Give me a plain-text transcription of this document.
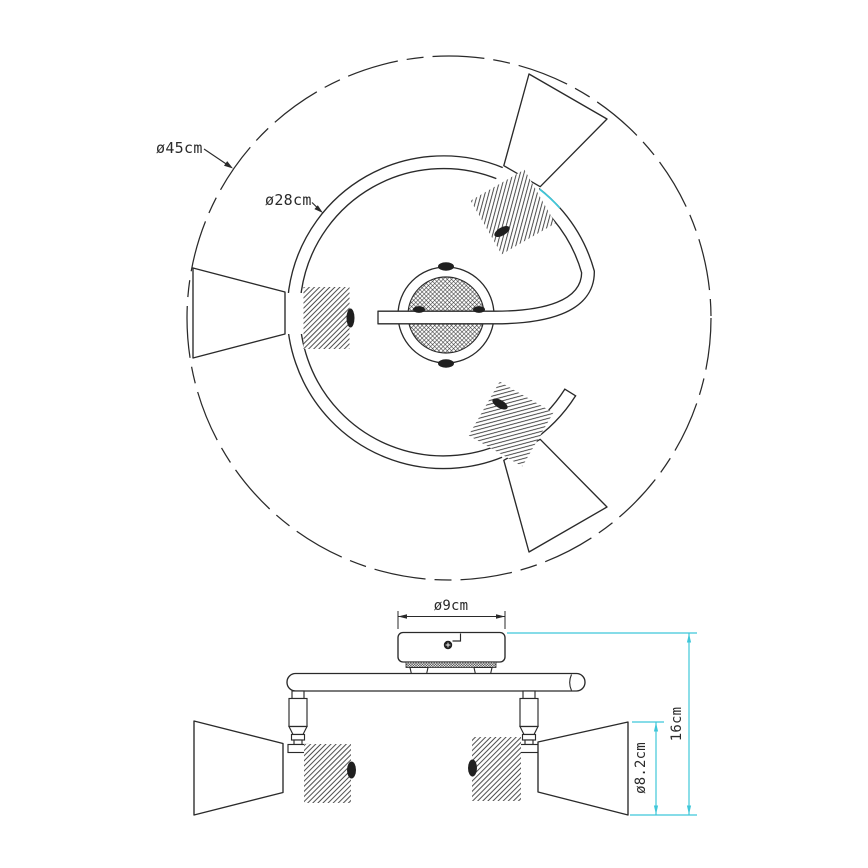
ø45cm
ø28cm
ø9cm
16cm
ø8.2cm
